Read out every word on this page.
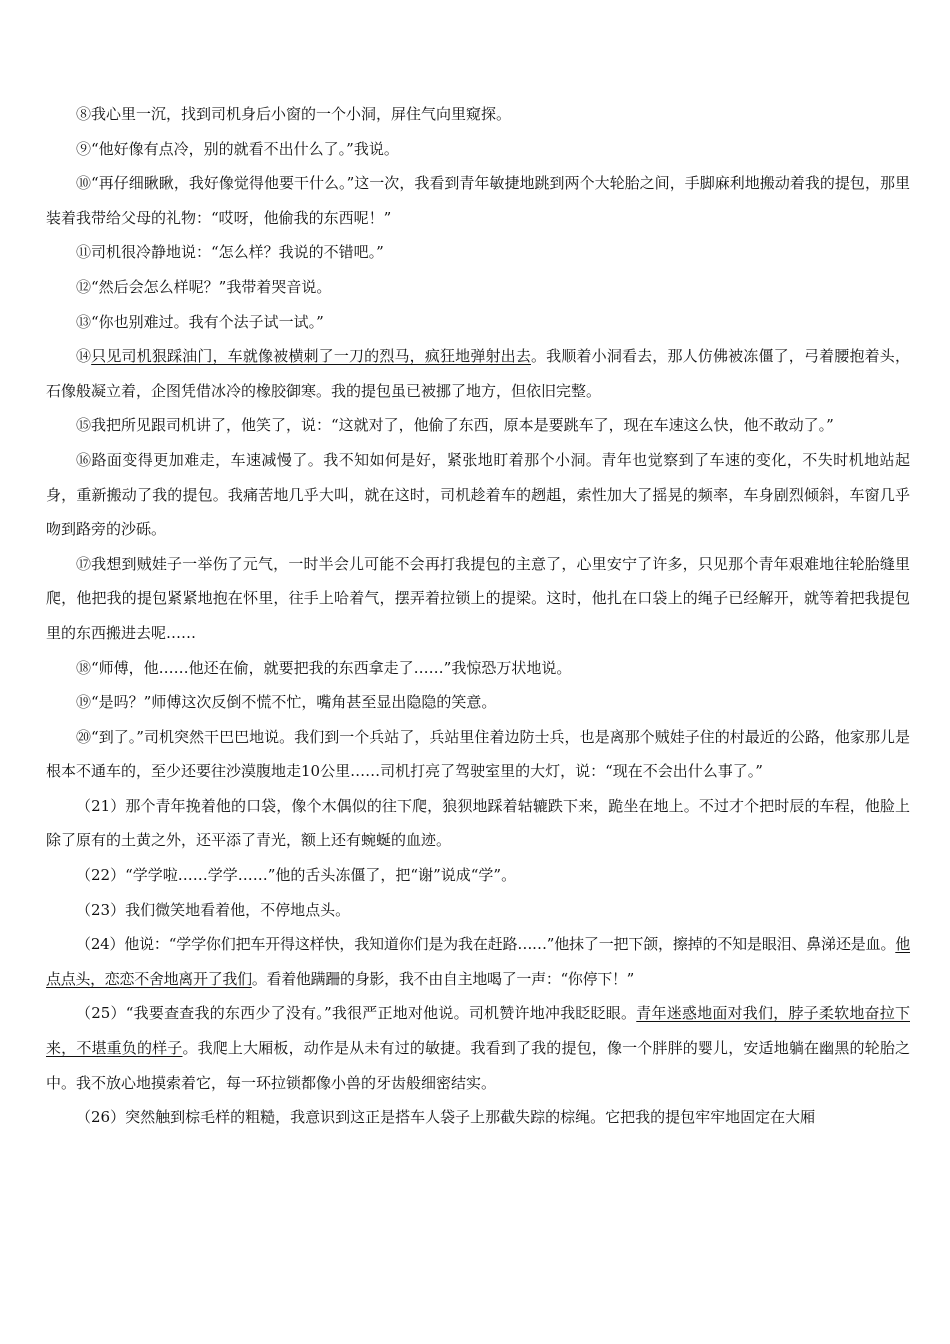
⑧我心里一沉，找到司机身后小窗的一个小洞，屏住气向里窥探。

⑨“他好像有点冷，别的就看不出什么了。”我说。

⑩“再仔细瞅瞅，我好像觉得他要干什么。”这一次，我看到青年敏捷地跳到两个大轮胎之间，手脚麻利地搬动着我的提包，那里装着我带给父母的礼物：“哎呀，他偷我的东西呢！”

⑪司机很冷静地说：“怎么样？我说的不错吧。”

⑫“然后会怎么样呢？”我带着哭音说。

⑬“你也别难过。我有个法子试一试。”

⑭只见司机狠踩油门，车就像被横刺了一刀的烈马，疯狂地弹射出去。我顺着小洞看去，那人仿佛被冻僵了，弓着腰抱着头，石像般凝立着，企图凭借冰冷的橡胶御寒。我的提包虽已被挪了地方，但依旧完整。

⑮我把所见跟司机讲了，他笑了，说：“这就对了，他偷了东西，原本是要跳车了，现在车速这么快，他不敢动了。”

⑯路面变得更加难走，车速减慢了。我不知如何是好，紧张地盯着那个小洞。青年也觉察到了车速的变化，不失时机地站起身，重新搬动了我的提包。我痛苦地几乎大叫，就在这时，司机趁着车的趔趄，索性加大了摇晃的频率，车身剧烈倾斜，车窗几乎吻到路旁的沙砾。

⑰我想到贼娃子一举伤了元气，一时半会儿可能不会再打我提包的主意了，心里安宁了许多，只见那个青年艰难地往轮胎缝里爬，他把我的提包紧紧地抱在怀里，往手上哈着气，摆弄着拉锁上的提梁。这时，他扎在口袋上的绳子已经解开，就等着把我提包里的东西搬进去呢……

⑱“师傅，他……他还在偷，就要把我的东西拿走了……”我惊恐万状地说。

⑲“是吗？”师傅这次反倒不慌不忙，嘴角甚至显出隐隐的笑意。

⑳“到了。”司机突然干巴巴地说。我们到一个兵站了，兵站里住着边防士兵，也是离那个贼娃子住的村最近的公路，他家那儿是根本不通车的，至少还要往沙漠腹地走10公里……司机打亮了驾驶室里的大灯，说：“现在不会出什么事了。”

（21）那个青年挽着他的口袋，像个木偶似的往下爬，狼狈地踩着轱辘跌下来，跪坐在地上。不过才个把时辰的车程，他脸上除了原有的土黄之外，还平添了青光，额上还有蜿蜒的血迹。

（22）“学学啦……学学……”他的舌头冻僵了，把“谢”说成“学”。

（23）我们微笑地看着他，不停地点头。

（24）他说：“学学你们把车开得这样快，我知道你们是为我在赶路……”他抹了一把下颌，擦掉的不知是眼泪、鼻涕还是血。他点点头，恋恋不舍地离开了我们。看着他蹒跚的身影，我不由自主地喝了一声：“你停下！”

（25）“我要查查我的东西少了没有。”我很严正地对他说。司机赞许地冲我眨眨眼。青年迷惑地面对我们，脖子柔软地奋拉下来，不堪重负的样子。我爬上大厢板，动作是从未有过的敏捷。我看到了我的提包，像一个胖胖的婴儿，安适地躺在幽黑的轮胎之中。我不放心地摸索着它，每一环拉锁都像小兽的牙齿般细密结实。

（26）突然触到棕毛样的粗糙，我意识到这正是搭车人袋子上那截失踪的棕绳。它把我的提包牢牢地固定在大厢
